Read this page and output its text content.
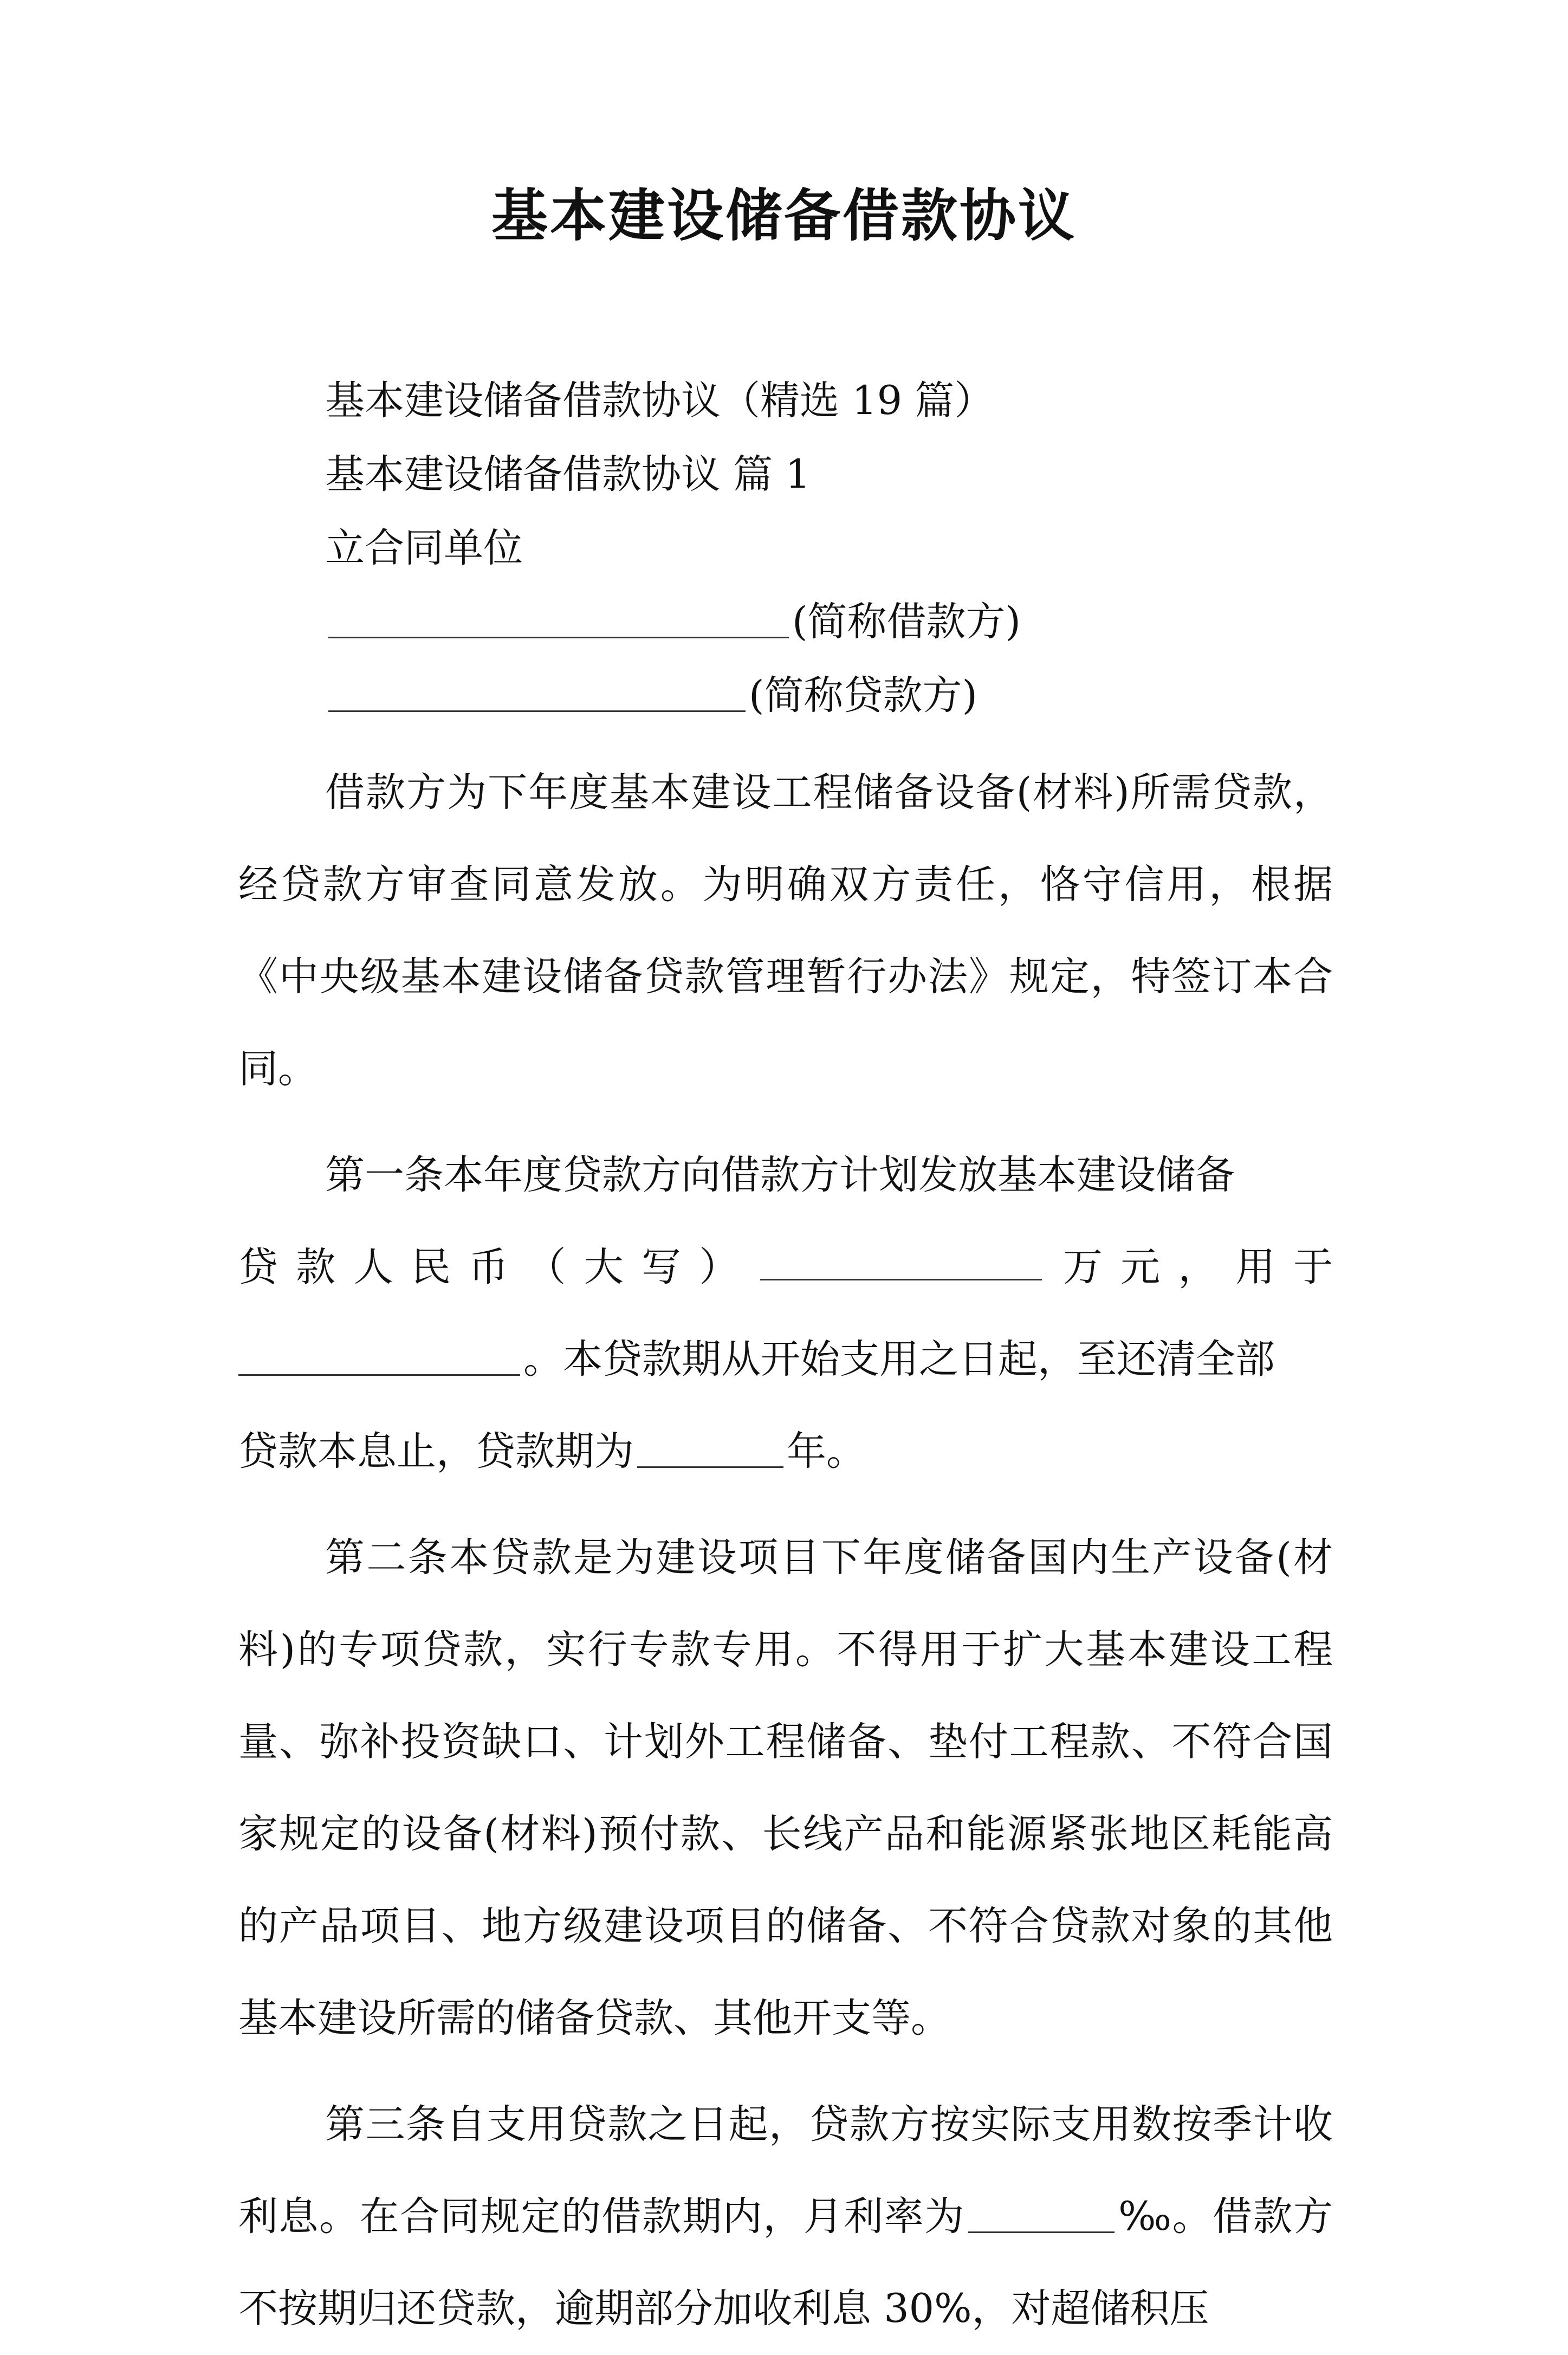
基本建设储备借款协议

基本建设储备借款协议（精选 19 篇）

基本建设储备借款协议 篇 1

立合同单位

(简称借款方)

(简称贷款方)

借款方为下年度基本建设工程储备设备(材料)所需贷款，经贷款方审查同意发放。为明确双方责任，恪守信用，根据《中央级基本建设储备贷款管理暂行办法》规定，特签订本合同。

第一条本年度贷款方向借款方计划发放基本建设储备

贷 款 人 民 币 （ 大 写 ）	万 元 ， 用 于

。本贷款期从开始支用之日起，至还清全部

贷款本息止，贷款期为	年。

第二条本贷款是为建设项目下年度储备国内生产设备(材料)的专项贷款，实行专款专用。不得用于扩大基本建设工程量、弥补投资缺口、计划外工程储备、垫付工程款、不符合国家规定的设备(材料)预付款、长线产品和能源紧张地区耗能高的产品项目、地方级建设项目的储备、不符合贷款对象的其他基本建设所需的储备贷款、其他开支等。

第三条自支用贷款之日起，贷款方按实际支用数按季计收利息。在合同规定的借款期内，月利率为	‰。借款方不按期归还贷款，逾期部分加收利息 30%，对超储积压
